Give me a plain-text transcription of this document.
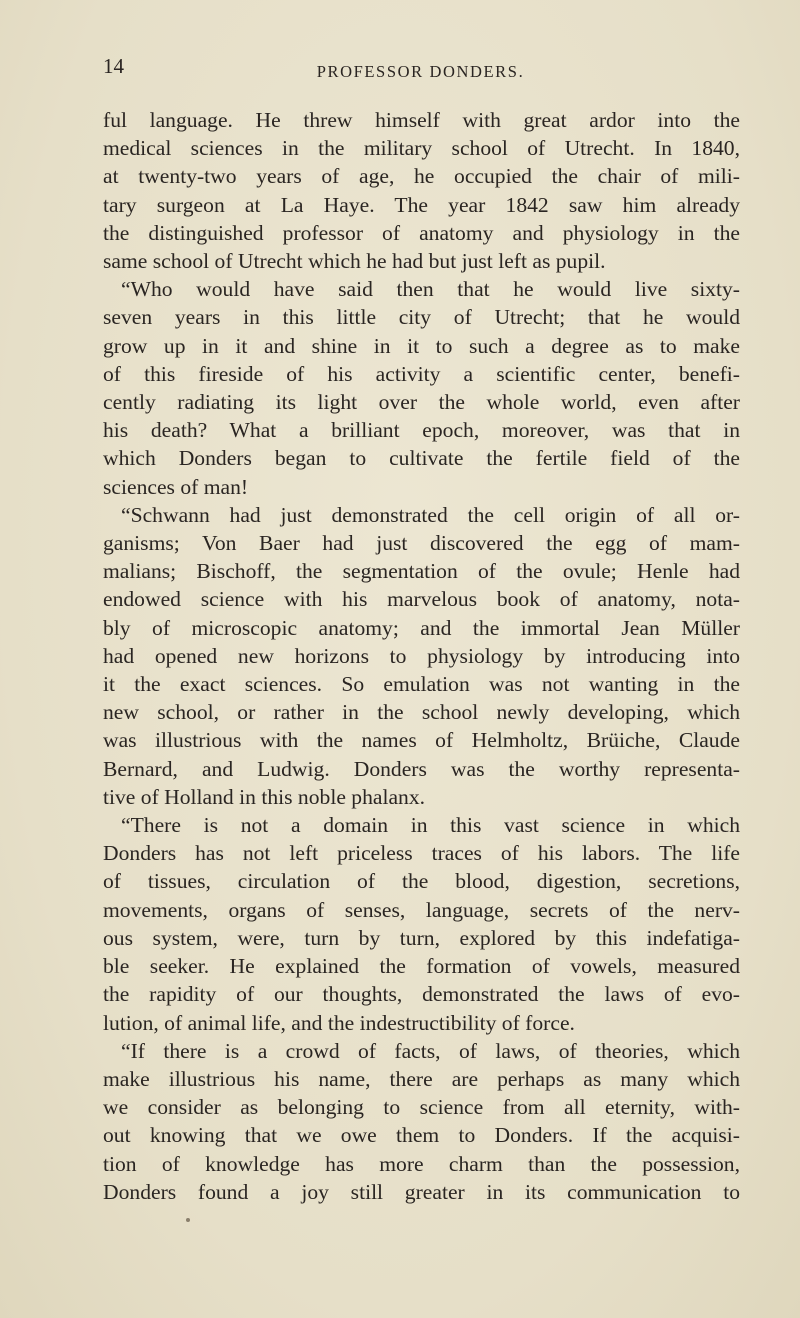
14	PROFESSOR DONDERS.
ful language. He threw himself with great ardor into the
medical sciences in the military school of Utrecht. In 1840,
at twenty-two years of age, he occupied the chair of mili-
tary surgeon at La Haye. The year 1842 saw him already
the distinguished professor of anatomy and physiology in the
same school of Utrecht which he had but just left as pupil.
“Who would have said then that he would live sixty-
seven years in this little city of Utrecht; that he would
grow up in it and shine in it to such a degree as to make
of this fireside of his activity a scientific center, benefi-
cently radiating its light over the whole world, even after
his death? What a brilliant epoch, moreover, was that in
which Donders began to cultivate the fertile field of the
sciences of man!
“Schwann had just demonstrated the cell origin of all or-
ganisms; Von Baer had just discovered the egg of mam-
malians; Bischoff, the segmentation of the ovule; Henle had
endowed science with his marvelous book of anatomy, nota-
bly of microscopic anatomy; and the immortal Jean Müller
had opened new horizons to physiology by introducing into
it the exact sciences. So emulation was not wanting in the
new school, or rather in the school newly developing, which
was illustrious with the names of Helmholtz, Brüiche, Claude
Bernard, and Ludwig. Donders was the worthy representa-
tive of Holland in this noble phalanx.
“There is not a domain in this vast science in which
Donders has not left priceless traces of his labors. The life
of tissues, circulation of the blood, digestion, secretions,
movements, organs of senses, language, secrets of the nerv-
ous system, were, turn by turn, explored by this indefatiga-
ble seeker. He explained the formation of vowels, measured
the rapidity of our thoughts, demonstrated the laws of evo-
lution, of animal life, and the indestructibility of force.
“If there is a crowd of facts, of laws, of theories, which
make illustrious his name, there are perhaps as many which
we consider as belonging to science from all eternity, with-
out knowing that we owe them to Donders. If the acquisi-
tion of knowledge has more charm than the possession,
Donders found a joy still greater in its communication to
